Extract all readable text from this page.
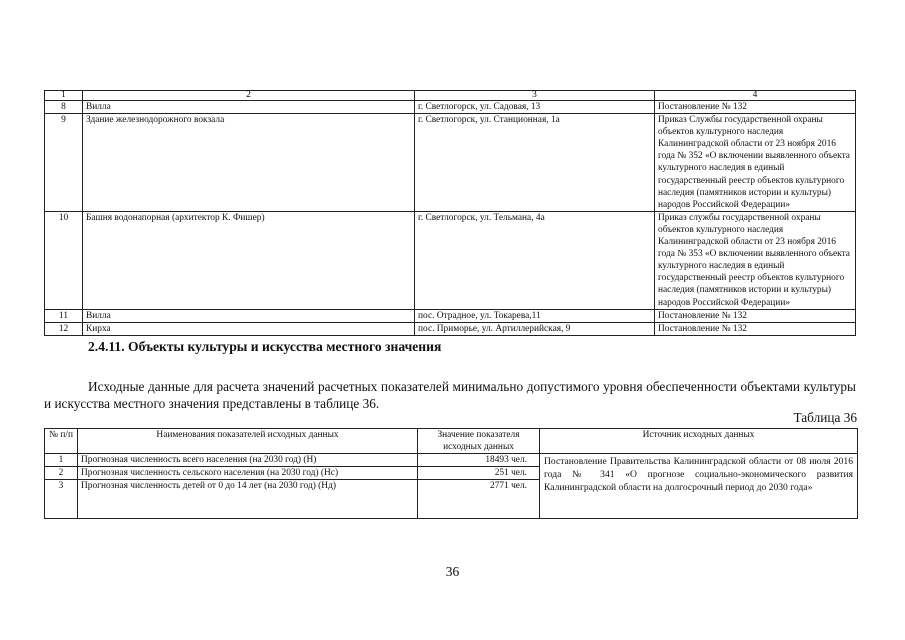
1	2	3	4
8	Вилла	г. Светлогорск, ул. Садовая, 13	Постановление № 132
9	Здание железнодорожного вокзала	г. Светлогорск, ул. Станционная, 1а	Приказ Службы государственной охраны объектов культурного наследия Калининградской области от 23 ноября 2016 года № 352 «О включении выявленного объекта культурного наследия в единый государственный реестр объектов культурного наследия (памятников истории и культуры) народов Российской Федерации»
10	Башня водонапорная (архитектор К. Фишер)	г. Светлогорск, ул. Тельмана, 4а	Приказ службы государственной охраны объектов культурного наследия Калининградской области от 23 ноября 2016 года № 353 «О включении выявленного объекта культурного наследия в единый государственный реестр объектов культурного наследия (памятников истории и культуры) народов Российской Федерации»
11	Вилла	пос. Отрадное, ул. Токарева,11	Постановление № 132
12	Кирха	пос. Приморье, ул. Артиллерийская, 9	Постановление № 132
2.4.11. Объекты культуры и искусства местного значения

Исходные данные для расчета значений расчетных показателей минимально допустимого уровня обеспеченности объектами культуры и искусства местного значения представлены в таблице 36.

Таблица 36
№ п/п	Наименования показателей исходных данных	Значение показателя исходных данных	Источник исходных данных
1	Прогнозная численность всего населения (на 2030 год) (Н)	18493 чел.	Постановление Правительства Калининградской области от 08 июля 2016 года № 341 «О прогнозе социально-экономического развития Калининградской области на долгосрочный период до 2030 года»
2	Прогнозная численность сельского населения (на 2030 год) (Нс)	251 чел.	
3	Прогнозная численность детей от 0 до 14 лет (на 2030 год) (Нд)	2771 чел.	
36
